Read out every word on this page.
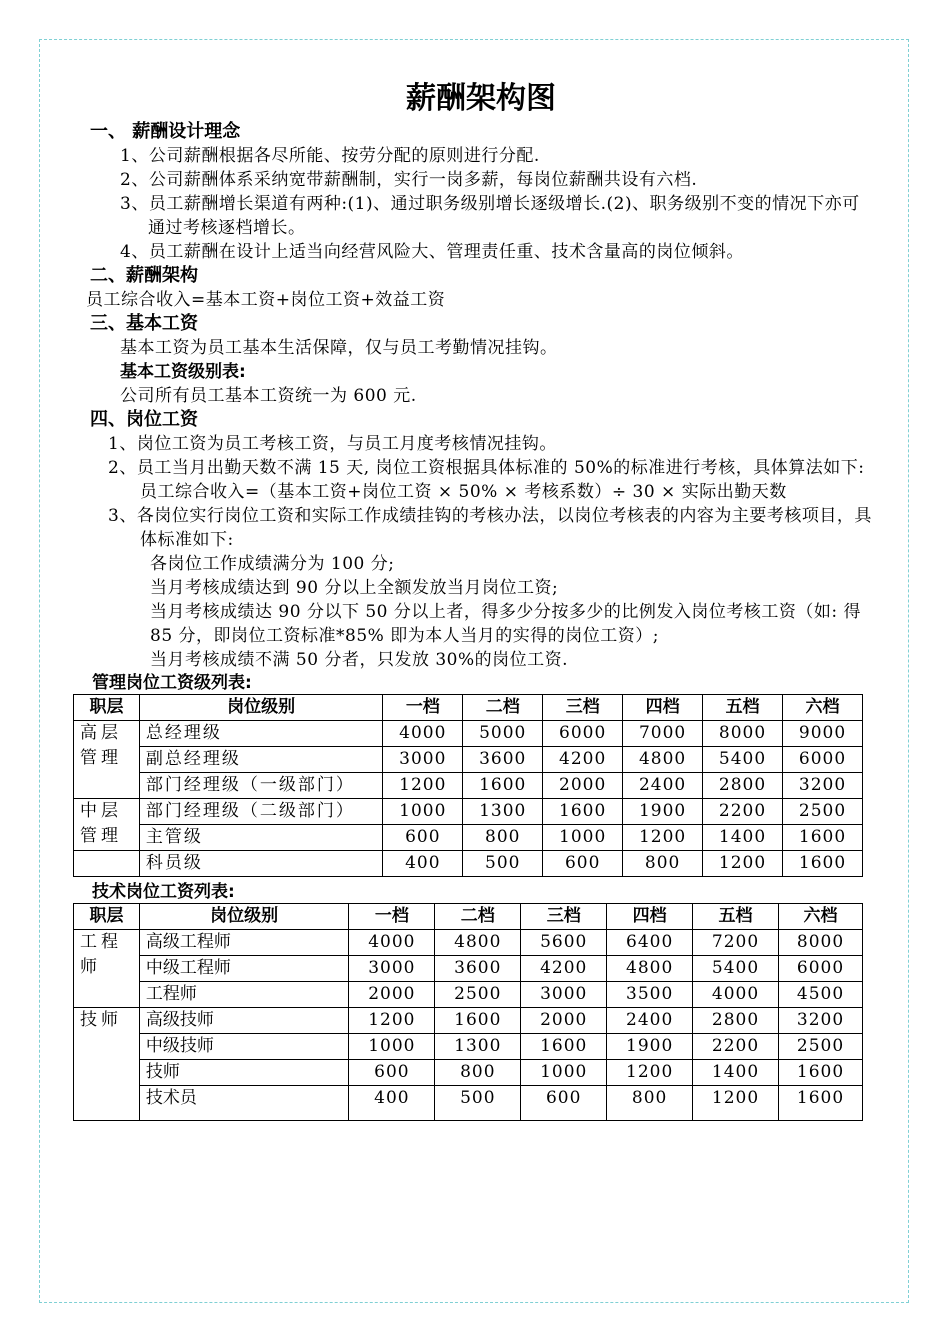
薪酬架构图
一、 薪酬设计理念
1、公司薪酬根据各尽所能、按劳分配的原则进行分配.
2、公司薪酬体系采纳宽带薪酬制，实行一岗多薪，每岗位薪酬共设有六档.
3、员工薪酬增长渠道有两种:(1)、通过职务级别增长逐级增长.(2)、职务级别不变的情况下亦可通过考核逐档增长。
4、员工薪酬在设计上适当向经营风险大、管理责任重、技术含量高的岗位倾斜。
二、薪酬架构
员工综合收入=基本工资+岗位工资+效益工资
三、基本工资
基本工资为员工基本生活保障，仅与员工考勤情况挂钩。
基本工资级别表:
公司所有员工基本工资统一为 600 元.
四、岗位工资
1、岗位工资为员工考核工资，与员工月度考核情况挂钩。
2、员工当月出勤天数不满 15 天, 岗位工资根据具体标准的 50%的标准进行考核，具体算法如下: 员工综合收入=（基本工资+岗位工资 × 50% × 考核系数）÷ 30 × 实际出勤天数
3、各岗位实行岗位工资和实际工作成绩挂钩的考核办法，以岗位考核表的内容为主要考核项目，具体标准如下:
各岗位工作成绩满分为 100 分;
当月考核成绩达到 90 分以上全额发放当月岗位工资;
当月考核成绩达 90 分以下 50 分以上者，得多少分按多少的比例发入岗位考核工资（如: 得 85 分，即岗位工资标准*85% 即为本人当月的实得的岗位工资）;
当月考核成绩不满 50 分者，只发放 30%的岗位工资.
管理岗位工资级列表:
职层	岗位级别	一档	二档	三档	四档	五档	六档
高层管理	总经理级	4000	5000	6000	7000	8000	9000
	副总经理级	3000	3600	4200	4800	5400	6000
	部门经理级（一级部门）	1200	1600	2000	2400	2800	3200
中层管理	部门经理级（二级部门）	1000	1300	1600	1900	2200	2500
	主管级	600	800	1000	1200	1400	1600
	科员级	400	500	600	800	1200	1600
技术岗位工资列表:
职层	岗位级别	一档	二档	三档	四档	五档	六档
工程师	高级工程师	4000	4800	5600	6400	7200	8000
	中级工程师	3000	3600	4200	4800	5400	6000
	工程师	2000	2500	3000	3500	4000	4500
技师	高级技师	1200	1600	2000	2400	2800	3200
	中级技师	1000	1300	1600	1900	2200	2500
	技师	600	800	1000	1200	1400	1600
	技术员	400	500	600	800	1200	1600
